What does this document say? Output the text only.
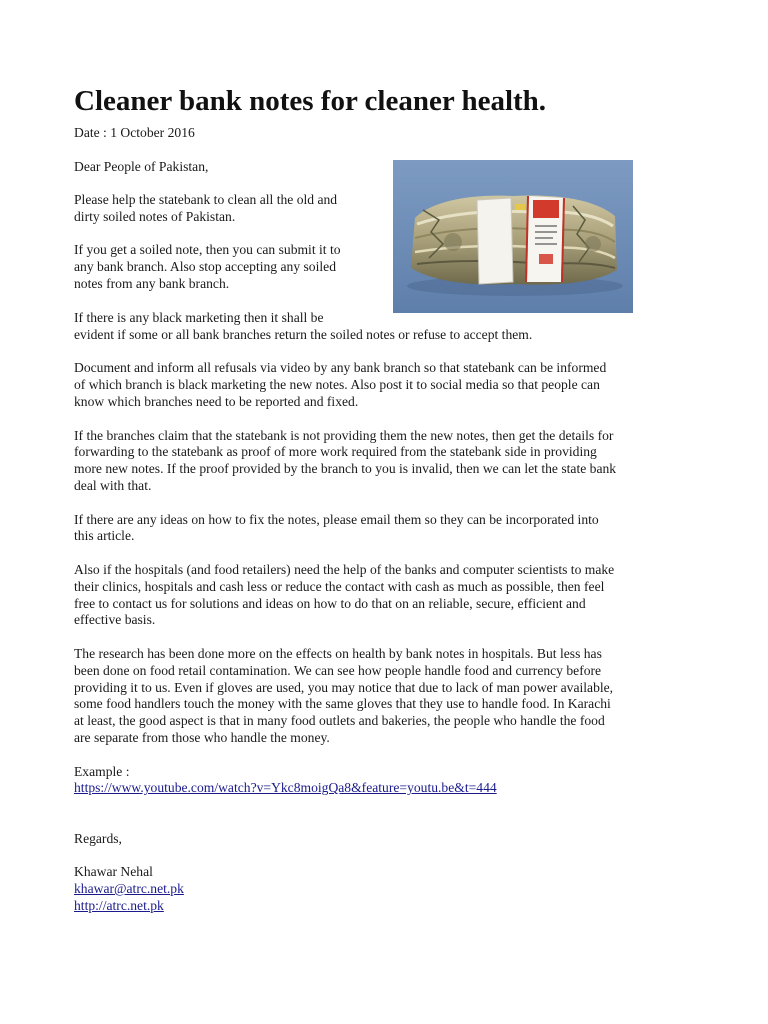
Cleaner bank notes for cleaner health.
Date : 1 October 2016
Dear People of Pakistan,

Please help the statebank to clean all the old and
dirty soiled notes of Pakistan.

If you get a soiled note, then you can submit it to
any bank branch. Also stop accepting any soiled
notes from any bank branch.

If there is any black marketing then it shall be
evident if some or all bank branches return the soiled notes or refuse to accept them.

Document and inform all refusals via video by any bank branch so that statebank can be informed
of which branch is black marketing the new notes. Also post it to social media so that people can
know which branches need to be reported and fixed.

If the branches claim that the statebank is not providing them the new notes, then get the details for
forwarding to the statebank as proof of more work required from the statebank side in providing
more new notes. If the proof provided by the branch to you is invalid, then we can let the state bank
deal with that.

If there are any ideas on how to fix the notes, please email them so they can be incorporated into
this article.

Also if the hospitals (and food retailers) need the help of the banks and computer scientists to make
their clinics, hospitals and cash less or reduce the contact with cash as much as possible, then feel
free to contact us for solutions and ideas on how to do that on an reliable, secure, efficient and
effective basis.

The research has been done more on the effects on health by bank notes in hospitals. But less has
been done on food retail contamination. We can see how people handle food and currency before
providing it to us. Even if gloves are used, you may notice that due to lack of man power available,
some food handlers touch the money with the same gloves that they use to handle food. In Karachi
at least, the good aspect is that in many food outlets and bakeries, the people who handle the food
are separate from those who handle the money.

Example :
https://www.youtube.com/watch?v=Ykc8moigQa8&feature=youtu.be&t=444

Regards,

Khawar Nehal
khawar@atrc.net.pk
http://atrc.net.pk
